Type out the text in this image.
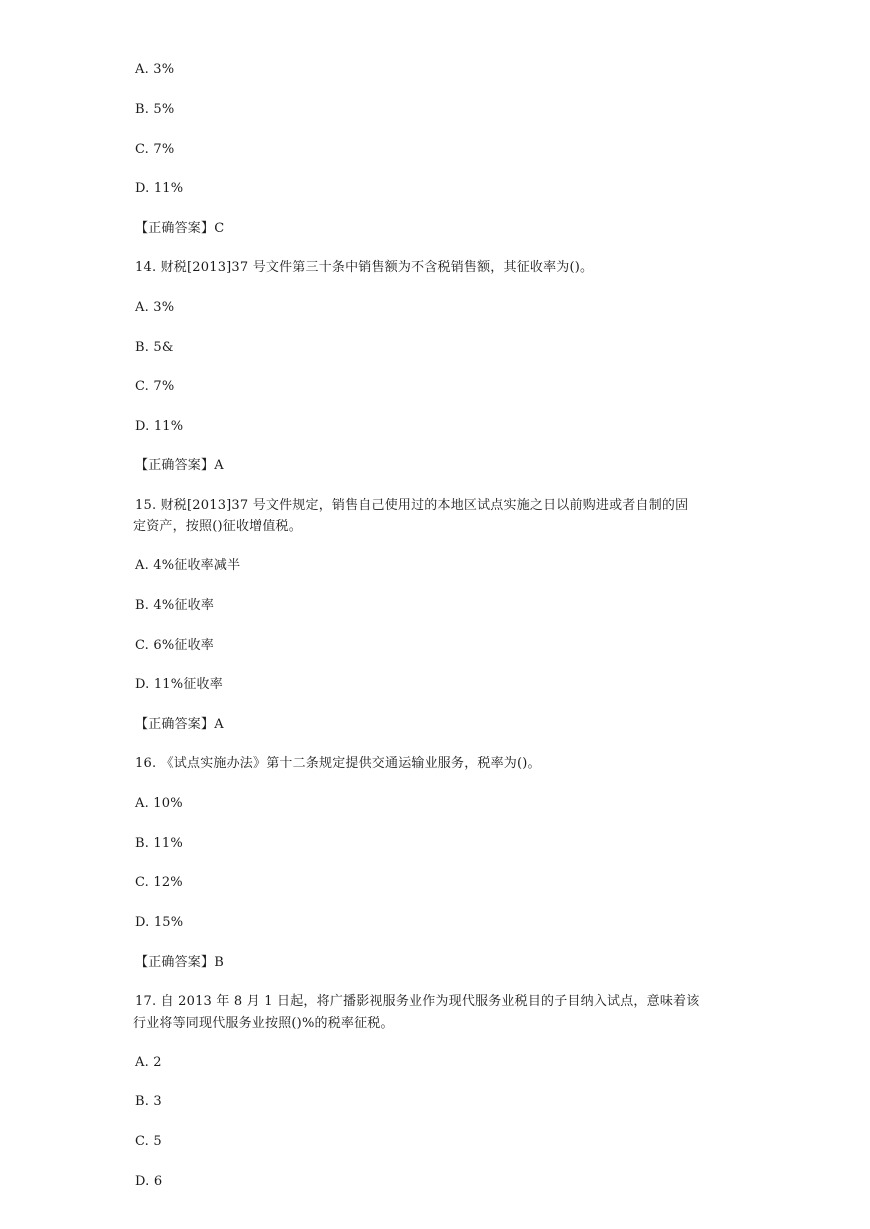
A. 3%
B. 5%
C. 7%
D. 11%
【正确答案】C
14. 财税[2013]37 号文件第三十条中销售额为不含税销售额，其征收率为()。
A. 3%
B. 5&
C. 7%
D. 11%
【正确答案】A
15. 财税[2013]37 号文件规定，销售自己使用过的本地区试点实施之日以前购进或者自制的固
定资产，按照()征收增值税。
A. 4%征收率减半
B. 4%征收率
C. 6%征收率
D. 11%征收率
【正确答案】A
16. 《试点实施办法》第十二条规定提供交通运输业服务，税率为()。
A. 10%
B. 11%
C. 12%
D. 15%
【正确答案】B
17. 自 2013 年 8 月 1 日起，将广播影视服务业作为现代服务业税目的子目纳入试点，意味着该
行业将等同现代服务业按照()%的税率征税。
A. 2
B. 3
C. 5
D. 6
